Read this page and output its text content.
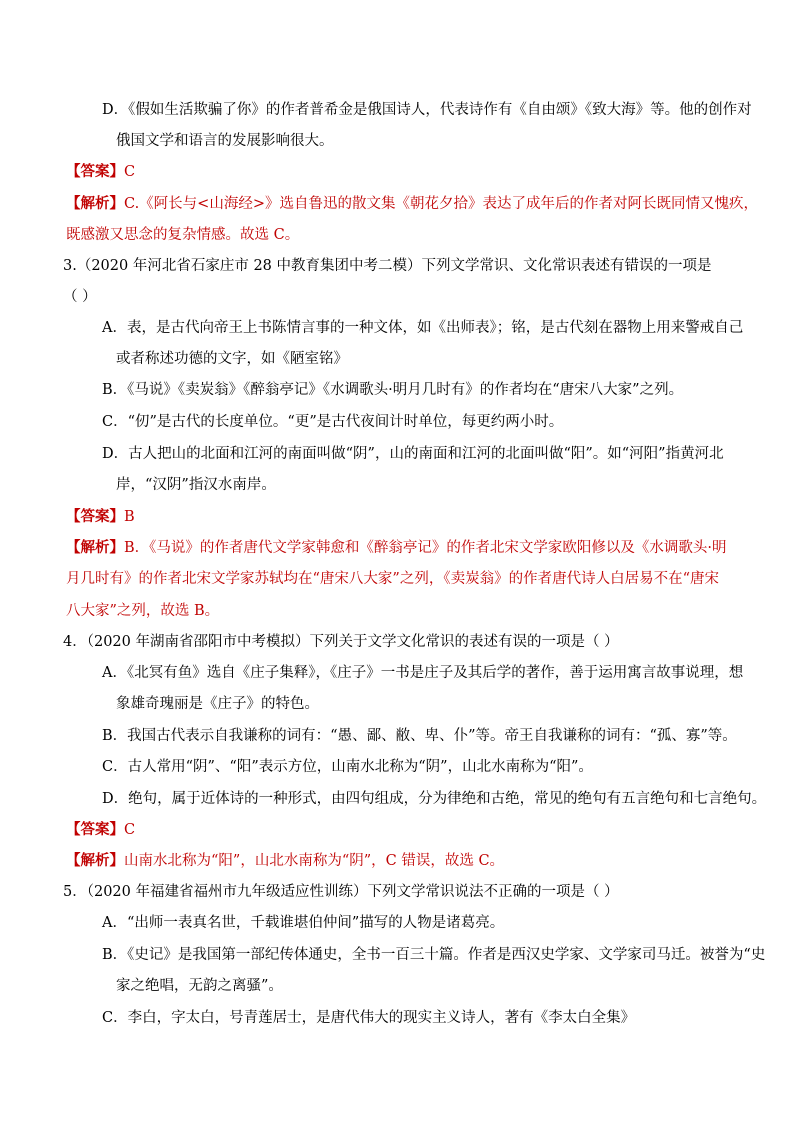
D．《假如生活欺骗了你》的作者普希金是俄国诗人，代表诗作有《自由颂》《致大海》等。他的创作对
俄国文学和语言的发展影响很大。
【答案】C
【解析】C.《阿长与<山海经>》选自鲁迅的散文集《朝花夕拾》表达了成年后的作者对阿长既同情又愧疚，
既感激又思念的复杂情感。故选 C。
3.（2020 年河北省石家庄市 28 中教育集团中考二模）下列文学常识、文化常识表述有错误的一项是
（ ）
A．表，是古代向帝王上书陈情言事的一种文体，如《出师表》；铭，是古代刻在器物上用来警戒自己
或者称述功德的文字，如《陋室铭》
B．《马说》《卖炭翁》《醉翁亭记》《水调歌头·明月几时有》的作者均在“唐宋八大家”之列。
C．“仞”是古代的长度单位。“更”是古代夜间计时单位，每更约两小时。
D．古人把山的北面和江河的南面叫做“阴”，山的南面和江河的北面叫做“阳”。如“河阳”指黄河北
岸，“汉阴”指汉水南岸。
【答案】B
【解析】B．《马说》的作者唐代文学家韩愈和《醉翁亭记》的作者北宋文学家欧阳修以及《水调歌头·明
月几时有》的作者北宋文学家苏轼均在“唐宋八大家”之列，《卖炭翁》的作者唐代诗人白居易不在“唐宋
八大家”之列，故选 B。
4．（2020 年湖南省邵阳市中考模拟）下列关于文学文化常识的表述有误的一项是（ ）
A．《北冥有鱼》选自《庄子集释》，《庄子》一书是庄子及其后学的著作，善于运用寓言故事说理，想
象雄奇瑰丽是《庄子》的特色。
B．我国古代表示自我谦称的词有：“愚、鄙、敝、卑、仆”等。帝王自我谦称的词有：“孤、寡”等。
C．古人常用“阴”、“阳”表示方位，山南水北称为“阴”，山北水南称为“阳”。
D．绝句，属于近体诗的一种形式，由四句组成，分为律绝和古绝，常见的绝句有五言绝句和七言绝句。
【答案】C
【解析】山南水北称为“阳”，山北水南称为“阴”，C 错误，故选 C。
5．（2020 年福建省福州市九年级适应性训练）下列文学常识说法不正确的一项是（ ）
A．“出师一表真名世，千载谁堪伯仲间”描写的人物是诸葛亮。
B．《史记》是我国第一部纪传体通史，全书一百三十篇。作者是西汉史学家、文学家司马迁。被誉为“史
家之绝唱，无韵之离骚”。
C．李白，字太白，号青莲居士，是唐代伟大的现实主义诗人，著有《李太白全集》
